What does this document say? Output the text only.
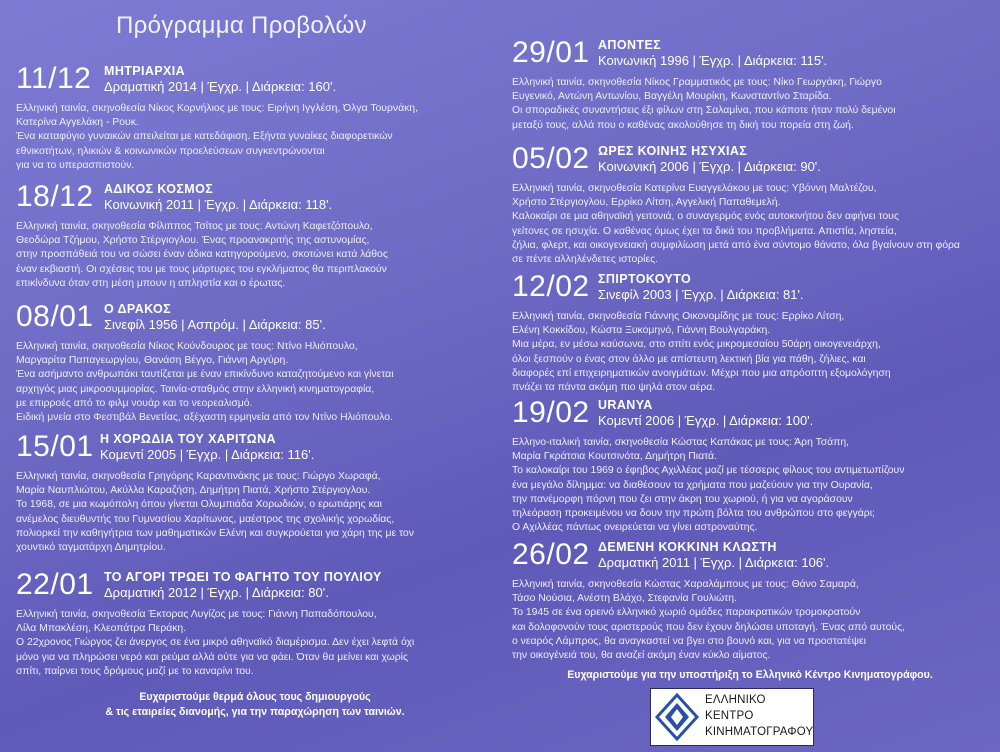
Πρόγραμμα Προβολών
11/12 ΜΗΤΡΙΑΡΧΙΑ
Δραματική 2014 | Έγχρ. | Διάρκεια: 160'.
Ελληνική ταινία, σκηνοθεσία Νίκος Κορνήλιος με τους: Ειρήνη Ιγγλέση, Όλγα Τουρνάκη,
Κατερίνα Αγγελάκη - Ρουκ.
Ένα καταφύγιο γυναικών απειλείται με κατεδάφιση. Εξήντα γυναίκες διαφορετικών
εθνικοτήτων, ηλικιών & κοινωνικών προελεύσεων συγκεντρώνονται
για να το υπερασπιστούν.
18/12 ΑΔΙΚΟΣ ΚΟΣΜΟΣ
Κοινωνική 2011 | Έγχρ. | Διάρκεια: 118'.
Ελληνική ταινία, σκηνοθεσία Φίλιππος Τσίτος με τους: Αντώνη Καφετζόπουλο,
Θεοδώρα Τζήμου, Χρήστο Στέργιογλου. Ένας προανακριτής της αστυνομίας,
στην προσπάθειά του να σώσει έναν άδικα κατηγορούμενο, σκοτώνει κατά λάθος
έναν εκβιαστή. Οι σχέσεις του με τους μάρτυρες του εγκλήματος θα περιπλακούν
επικίνδυνα όταν στη μέση μπουν η απληστία και ο έρωτας.
08/01 Ο ΔΡΑΚΟΣ
Σινεφίλ 1956 | Ασπρόμ. | Διάρκεια: 85'.
Ελληνική ταινία, σκηνοθεσία Νίκος Κούνδουρος με τους: Ντίνο Ηλιόπουλο,
Μαργαρίτα Παπαγεωργίου, Θανάση Βέγγο, Γιάννη Αργύρη.
Ένα ασήμαντο ανθρωπάκι ταυτίζεται με έναν επικίνδυνο καταζητούμενο και γίνεται
αρχηγός μιας μικροσυμμορίας. Ταινία-σταθμός στην ελληνική κινηματογραφία,
με επιρροές από το φιλμ νουάρ και το νεορεαλισμό.
Ειδική μνεία στο Φεστιβάλ Βενετίας, αξέχαστη ερμηνεία από τον Ντίνο Ηλιόπουλο.
15/01 Η ΧΟΡΩΔΙΑ ΤΟΥ ΧΑΡΙΤΩΝΑ
Κομεντί 2005 | Έγχρ. | Διάρκεια: 116'.
Ελληνική ταινία, σκηνοθεσία Γρηγόρης Καραντινάκης με τους: Γιώργο Χωραφά,
Μαρία Ναυπλιώτου, Ακύλλα Καραζήση, Δημήτρη Πιατά, Χρήστο Στέργιογλου.
Το 1968, σε μια κωμόπολη όπου γίνεται Ολυμπιάδα Χορωδιών, ο ερωτιάρης και
ανέμελος διευθυντής του Γυμνασίου Χαρίτωνας, μαέστρος της σχολικής χορωδίας,
πολιορκεί την καθηγήτρια των μαθηματικών Ελένη και συγκρούεται για χάρη της με τον
χουντικό ταγματάρχη Δημητρίου.
22/01 ΤΟ ΑΓΟΡΙ ΤΡΩΕΙ ΤΟ ΦΑΓΗΤΟ ΤΟΥ ΠΟΥΛΙΟΥ
Δραματική 2012 | Έγχρ. | Διάρκεια: 80'.
Ελληνική ταινία, σκηνοθεσία Έκτορας Λυγίζος με τους: Γιάννη Παπαδόπουλου,
Λίλα Μπακλέση, Κλεοπάτρα Περάκη.
Ο 22χρονος Γιώργος ζει άνεργος σε ένα μικρό αθηναϊκό διαμέρισμα. Δεν έχει λεφτά όχι
μόνο για να πληρώσει νερό και ρεύμα αλλά ούτε για να φάει. Όταν θα μείνει και χωρίς
σπίτι, παίρνει τους δρόμους μαζί με το καναρίνι του.
29/01 ΑΠΟΝΤΕΣ
Κοινωνική 1996 | Έγχρ. | Διάρκεια: 115'.
Ελληνική ταινία, σκηνοθεσία Νίκος Γραμματικός με τους: Νίκο Γεωργάκη, Γιώργο
Ευγενικό, Αντώνη Αντωνίου, Βαγγέλη Μουρίκη, Κωνσταντίνο Σταρίδα.
Οι σποραδικές συναντήσεις έξι φίλων στη Σαλαμίνα, που κάποτε ήταν πολύ δεμένοι
μεταξύ τους, αλλά που ο καθένας ακολούθησε τη δική του πορεία στη ζωή.
05/02 ΩΡΕΣ ΚΟΙΝΗΣ ΗΣΥΧΙΑΣ
Κοινωνική 2006 | Έγχρ. | Διάρκεια: 90'.
Ελληνική ταινία, σκηνοθεσία Κατερίνα Ευαγγελάκου με τους: Υβόννη Μαλτέζου,
Χρήστο Στέργιογλου, Ερρίκο Λίτση, Αγγελική Παπαθεμελή.
Καλοκαίρι σε μια αθηναϊκή γειτονιά, ο συναγερμός ενός αυτοκινήτου δεν αφήνει τους
γείτονες σε ησυχία. Ο καθένας όμως έχει τα δικά του προβλήματα. Απιστία, ληστεία,
ζήλια, φλερτ, και οικογενειακή συμφιλίωση μετά από ένα σύντομο θάνατο, όλα βγαίνουν στη φόρα
σε πέντε αλληλένδετες ιστορίες.
12/02 ΣΠΙΡΤΟΚΟΥΤΟ
Σινεφίλ 2003 | Έγχρ. | Διάρκεια: 81'.
Ελληνική ταινία, σκηνοθεσία Γιάννης Οικονομίδης με τους: Ερρίκο Λίτση,
Ελένη Κοκκίδου, Κώστα Ξυκομηνό, Γιάννη Βουλγαράκη.
Μια μέρα, εν μέσω καύσωνα, στο σπίτι ενός μικρομεσαίου 50άρη οικογενειάρχη,
όλοι ξεσπούν ο ένας στον άλλο με απίστευτη λεκτική βία για πάθη, ζήλιες, και
διαφορές επί επιχειρηματικών ανοιγμάτων. Μέχρι που μια απρόοπτη εξομολόγηση
πνάζει τα πάντα ακόμη πιο ψηλά στον αέρα.
19/02 URANYA
Κομεντί 2006 | Έγχρ. | Διάρκεια: 100'.
Ελληνο-ιταλική ταινία, σκηνοθεσία Κώστας Καπάκας με τους: Άρη Τσάπη,
Μαρία Γκράτσια Κουτσινότα, Δημήτρη Πιατά.
Το καλοκαίρι του 1969 ο έφηβος Αχιλλέας μαζί με τέσσερις φίλους του αντιμετωπίζουν
ένα μεγάλο δίλημμα: να διαθέσουν τα χρήματα που μαζεύουν για την Ουρανία,
την πανέμορφη πόρνη που ζει στην άκρη του χωριού, ή για να αγοράσουν
τηλεόραση προκειμένου να δουν την πρώτη βόλτα του ανθρώπου στο φεγγάρι;
Ο Αχιλλέας πάντως ονειρεύεται να γίνει αστροναύτης.
26/02 ΔΕΜΕΝΗ ΚΟΚΚΙΝΗ ΚΛΩΣΤΗ
Δραματική 2011 | Έγχρ. | Διάρκεια: 106'.
Ελληνική ταινία, σκηνοθεσία Κώστας Χαραλάμπους με τους: Θάνο Σαμαρά,
Τάσο Νούσια, Ανέστη Βλάχο, Στεφανία Γουλιώτη.
Το 1945 σε ένα ορεινό ελληνικό χωριό ομάδες παρακρατικών τρομοκρατούν
και δολοφονούν τους αριστερούς που δεν έχουν δηλώσει υποταγή. Ένας από αυτούς,
ο νεαρός Λάμπρος, θα αναγκαστεί να βγει στο βουνό και, για να προστατέψει
την οικογένειά του, θα αναζεί ακόμη έναν κύκλο αίματος.
Ευχαριστούμε θερμά όλους τους δημιουργούς
& τις εταιρείες διανομής, για την παραχώρηση των ταινιών.
Ευχαριστούμε για την υποστήριξη το Ελληνικό Κέντρο Κινηματογράφου.
ΕΛΛΗΝΙΚΟ
ΚΕΝΤΡΟ
ΚΙΝΗΜΑΤΟΓΡΑΦΟΥ
